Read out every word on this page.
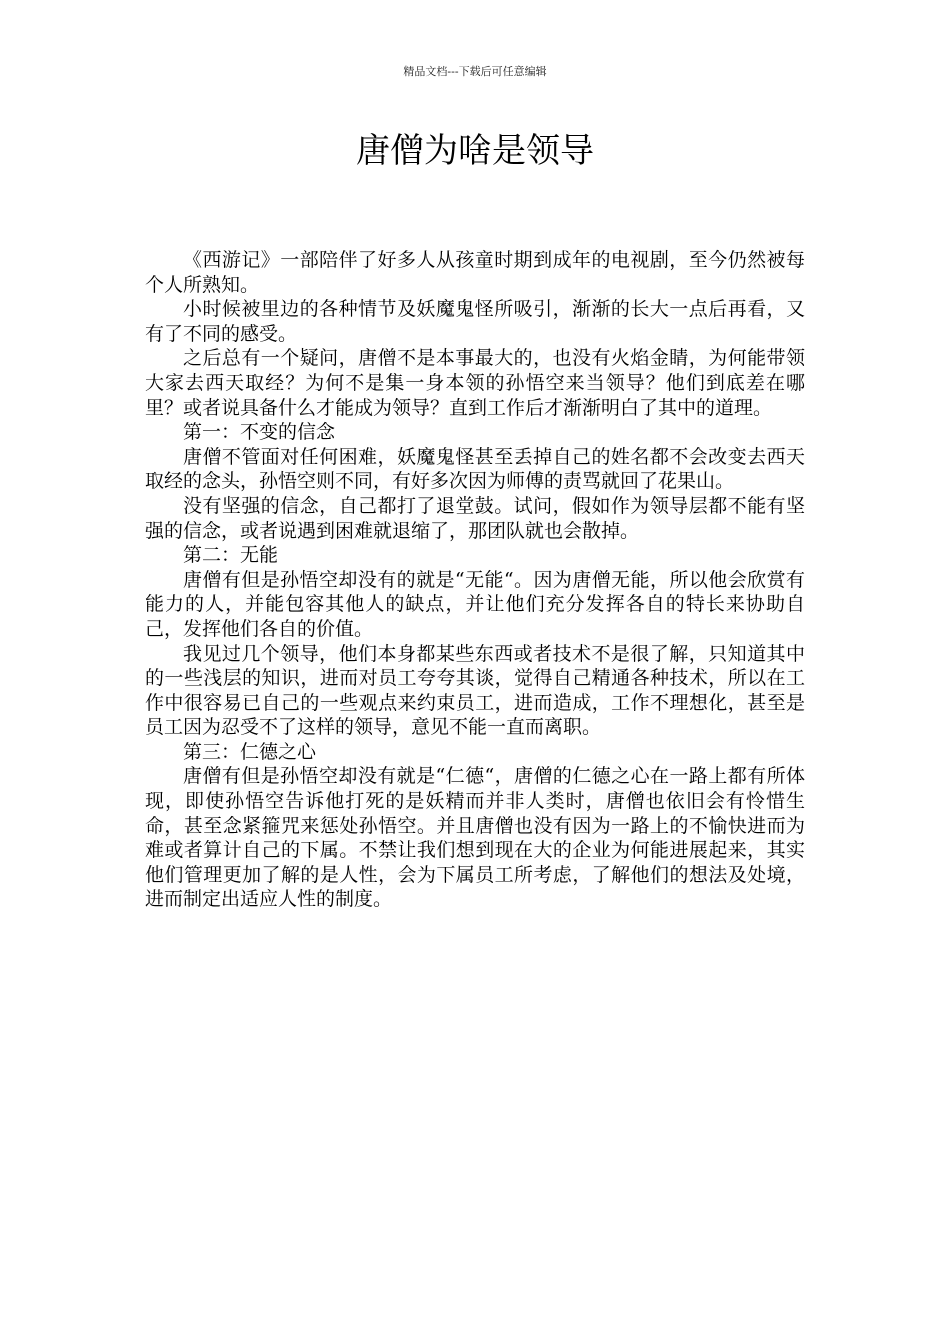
精品文档---下载后可任意编辑
唐僧为啥是领导

《西游记》一部陪伴了好多人从孩童时期到成年的电视剧，至今仍然被每个人所熟知。

小时候被里边的各种情节及妖魔鬼怪所吸引，渐渐的长大一点后再看，又有了不同的感受。

之后总有一个疑问，唐僧不是本事最大的，也没有火焰金睛，为何能带领大家去西天取经？为何不是集一身本领的孙悟空来当领导？他们到底差在哪里？或者说具备什么才能成为领导？直到工作后才渐渐明白了其中的道理。

第一：不变的信念

唐僧不管面对任何困难，妖魔鬼怪甚至丢掉自己的姓名都不会改变去西天取经的念头，孙悟空则不同，有好多次因为师傅的责骂就回了花果山。

没有坚强的信念，自己都打了退堂鼓。试问，假如作为领导层都不能有坚强的信念，或者说遇到困难就退缩了，那团队就也会散掉。

第二：无能

唐僧有但是孙悟空却没有的就是“无能“。因为唐僧无能，所以他会欣赏有能力的人，并能包容其他人的缺点，并让他们充分发挥各自的特长来协助自己，发挥他们各自的价值。

我见过几个领导，他们本身都某些东西或者技术不是很了解，只知道其中的一些浅层的知识，进而对员工夸夸其谈，觉得自己精通各种技术，所以在工作中很容易已自己的一些观点来约束员工，进而造成，工作不理想化，甚至是员工因为忍受不了这样的领导，意见不能一直而离职。

第三：仁德之心

唐僧有但是孙悟空却没有就是“仁德“，唐僧的仁德之心在一路上都有所体现，即使孙悟空告诉他打死的是妖精而并非人类时，唐僧也依旧会有怜惜生命，甚至念紧箍咒来惩处孙悟空。并且唐僧也没有因为一路上的不愉快进而为难或者算计自己的下属。不禁让我们想到现在大的企业为何能进展起来，其实他们管理更加了解的是人性，会为下属员工所考虑，了解他们的想法及处境，进而制定出适应人性的制度。
